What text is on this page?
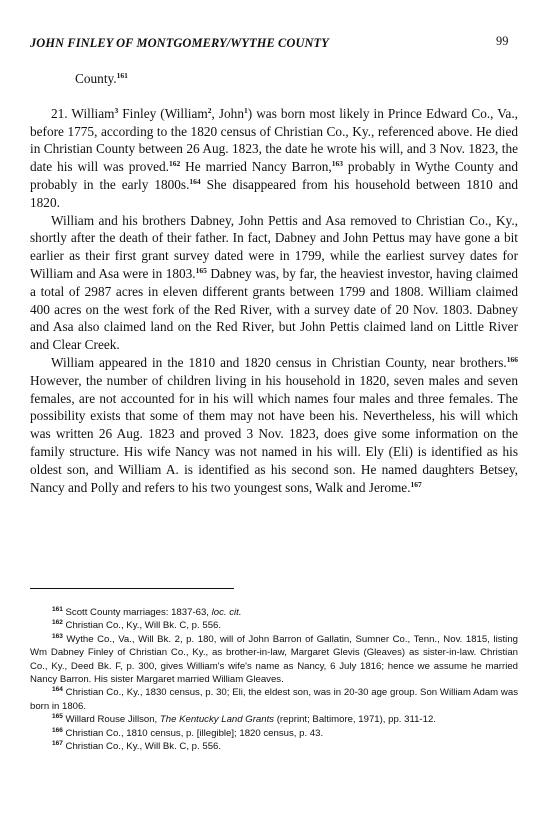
JOHN FINLEY OF MONTGOMERY/WYTHE COUNTY	99

County.$^{161}$

21. William$^3$ Finley (William$^2$, John$^1$) was born most likely in Prince Edward Co., Va., before 1775, according to the 1820 census of Christian Co., Ky., referenced above. He died in Christian County between 26 Aug. 1823, the date he wrote his will, and 3 Nov. 1823, the date his will was proved.$^{162}$ He married Nancy Barron,$^{163}$ probably in Wythe County and probably in the early 1800s.$^{164}$ She disappeared from his household between 1810 and 1820.

William and his brothers Dabney, John Pettis and Asa removed to Christian Co., Ky., shortly after the death of their father. In fact, Dabney and John Pettus may have gone a bit earlier as their first grant survey dated were in 1799, while the earliest survey dates for William and Asa were in 1803.$^{165}$ Dabney was, by far, the heaviest investor, having claimed a total of 2987 acres in eleven different grants between 1799 and 1808. William claimed 400 acres on the west fork of the Red River, with a survey date of 20 Nov. 1803. Dabney and Asa also claimed land on the Red River, but John Pettis claimed land on Little River and Clear Creek.

William appeared in the 1810 and 1820 census in Christian County, near brothers.$^{166}$ However, the number of children living in his household in 1820, seven males and seven females, are not accounted for in his will which names four males and three females. The possibility exists that some of them may not have been his. Nevertheless, his will which was written 26 Aug. 1823 and proved 3 Nov. 1823, does give some information on the family structure. His wife Nancy was not named in his will. Ely (Eli) is identified as his oldest son, and William A. is identified as his second son. He named daughters Betsey, Nancy and Polly and refers to his two youngest sons, Walk and Jerome.$^{167}$

$^{161}$ Scott County marriages: 1837-63, loc. cit.

$^{162}$ Christian Co., Ky., Will Bk. C, p. 556.

$^{163}$ Wythe Co., Va., Will Bk. 2, p. 180, will of John Barron of Gallatin, Sumner Co., Tenn., Nov. 1815, listing Wm Dabney Finley of Christian Co., Ky., as brother-in-law, Margaret Glevis (Gleaves) as sister-in-law. Christian Co., Ky., Deed Bk. F, p. 300, gives William's wife's name as Nancy, 6 July 1816; hence we assume he married Nancy Barron. His sister Margaret married William Gleaves.

$^{164}$ Christian Co., Ky., 1830 census, p. 30; Eli, the eldest son, was in 20-30 age group. Son William Adam was born in 1806.

$^{165}$ Willard Rouse Jillson, The Kentucky Land Grants (reprint; Baltimore, 1971), pp. 311-12.

$^{166}$ Christian Co., 1810 census, p. [illegible]; 1820 census, p. 43.

$^{167}$ Christian Co., Ky., Will Bk. C, p. 556.
